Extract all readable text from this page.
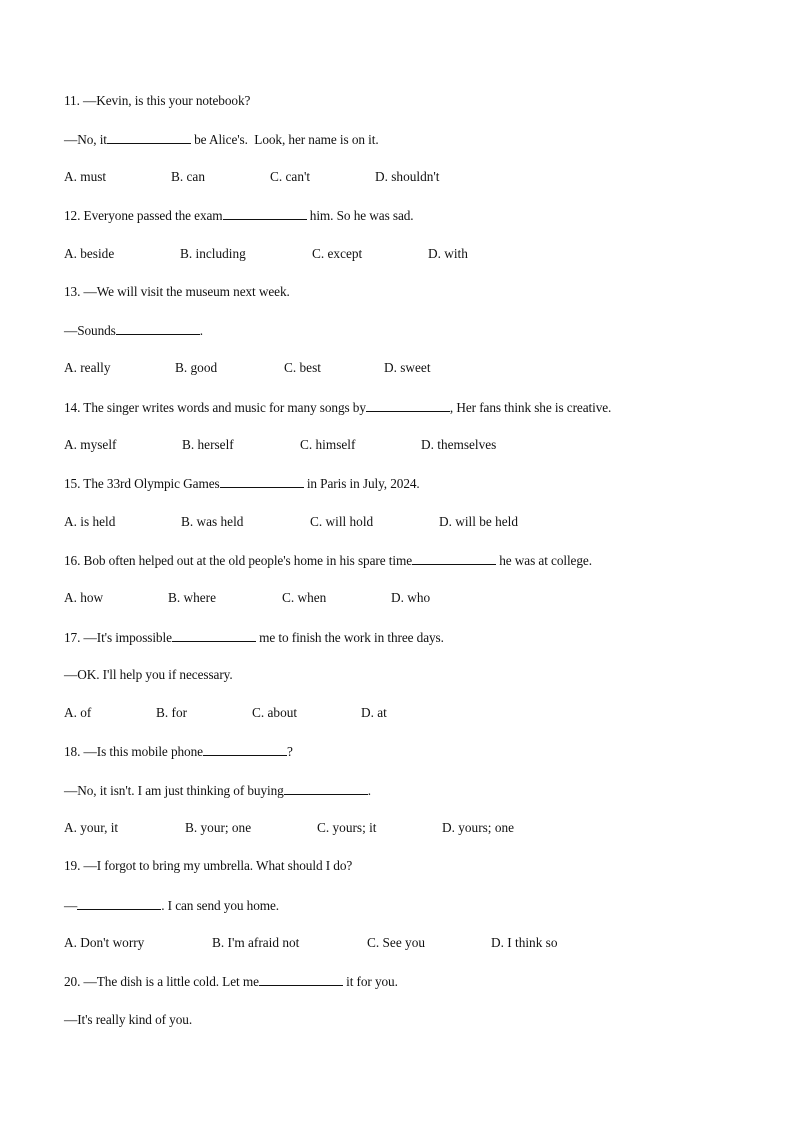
11. —Kevin, is this your notebook?
—No, it	be Alice's.  Look, her name is on it.
A. must	B. can	C. can't	D. shouldn't
12. Everyone passed the exam	him. So he was sad.
A. beside	B. including	C. except	D. with
13. —We will visit the museum next week.
—Sounds	.
A. really	B. good	C. best	D. sweet
14. The singer writes words and music for many songs by	, Her fans think she is creative.
A. myself	B. herself	C. himself	D. themselves
15. The 33rd Olympic Games	in Paris in July, 2024.
A. is held	B. was held	C. will hold	D. will be held
16. Bob often helped out at the old people's home in his spare time	he was at college.
A. how	B. where	C. when	D. who
17. —It's impossible	me to finish the work in three days.
—OK. I'll help you if necessary.
A. of	B. for	C. about	D. at
18. —Is this mobile phone	?
—No, it isn't. I am just thinking of buying	.
A. your, it	B. your; one	C. yours; it	D. yours; one
19. —I forgot to bring my umbrella. What should I do?
—	. I can send you home.
A. Don't worry	B. I'm afraid not	C. See you	D. I think so
20. —The dish is a little cold. Let me	it for you.
—It's really kind of you.
